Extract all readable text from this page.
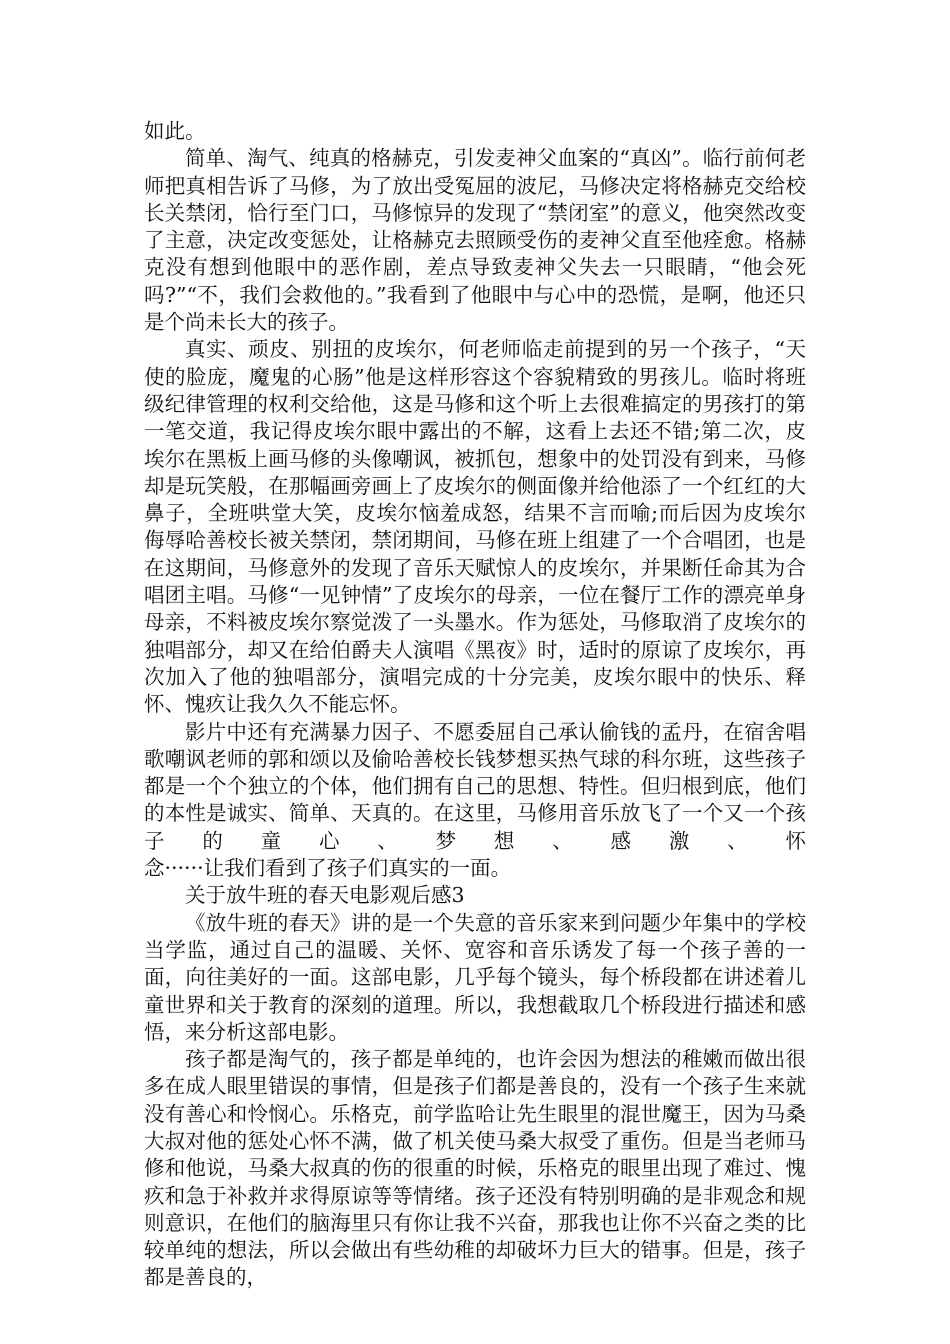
如此。

简单、淘气、纯真的格赫克，引发麦神父血案的“真凶”。临行前何老师把真相告诉了马修，为了放出受冤屈的波尼，马修决定将格赫克交给校长关禁闭，恰行至门口，马修惊异的发现了“禁闭室”的意义，他突然改变了主意，决定改变惩处，让格赫克去照顾受伤的麦神父直至他痊愈。格赫克没有想到他眼中的恶作剧，差点导致麦神父失去一只眼睛，“他会死吗?”“不，我们会救他的。”我看到了他眼中与心中的恐慌，是啊，他还只是个尚未长大的孩子。

真实、顽皮、别扭的皮埃尔，何老师临走前提到的另一个孩子，“天使的脸庞，魔鬼的心肠”他是这样形容这个容貌精致的男孩儿。临时将班级纪律管理的权利交给他，这是马修和这个听上去很难搞定的男孩打的第一笔交道，我记得皮埃尔眼中露出的不解，这看上去还不错;第二次，皮埃尔在黑板上画马修的头像嘲讽，被抓包，想象中的处罚没有到来，马修却是玩笑般，在那幅画旁画上了皮埃尔的侧面像并给他添了一个红红的大鼻子，全班哄堂大笑，皮埃尔恼羞成怒，结果不言而喻;而后因为皮埃尔侮辱哈善校长被关禁闭，禁闭期间，马修在班上组建了一个合唱团，也是在这期间，马修意外的发现了音乐天赋惊人的皮埃尔，并果断任命其为合唱团主唱。马修“一见钟情”了皮埃尔的母亲，一位在餐厅工作的漂亮单身母亲，不料被皮埃尔察觉泼了一头墨水。作为惩处，马修取消了皮埃尔的独唱部分，却又在给伯爵夫人演唱《黑夜》时，适时的原谅了皮埃尔，再次加入了他的独唱部分，演唱完成的十分完美，皮埃尔眼中的快乐、释怀、愧疚让我久久不能忘怀。

影片中还有充满暴力因子、不愿委屈自己承认偷钱的孟丹，在宿舍唱歌嘲讽老师的郭和颂以及偷哈善校长钱梦想买热气球的科尔班，这些孩子都是一个个独立的个体，他们拥有自己的思想、特性。但归根到底，他们的本性是诚实、简单、天真的。在这里，马修用音乐放飞了一个又一个孩子的童心、梦想、感激、怀

念······让我们看到了孩子们真实的一面。

关于放牛班的春天电影观后感3

《放牛班的春天》讲的是一个失意的音乐家来到问题少年集中的学校当学监，通过自己的温暖、关怀、宽容和音乐诱发了每一个孩子善的一面，向往美好的一面。这部电影，几乎每个镜头，每个桥段都在讲述着儿童世界和关于教育的深刻的道理。所以，我想截取几个桥段进行描述和感悟，来分析这部电影。

孩子都是淘气的，孩子都是单纯的，也许会因为想法的稚嫩而做出很多在成人眼里错误的事情，但是孩子们都是善良的，没有一个孩子生来就没有善心和怜悯心。乐格克，前学监哈让先生眼里的混世魔王，因为马桑大叔对他的惩处心怀不满，做了机关使马桑大叔受了重伤。但是当老师马修和他说，马桑大叔真的伤的很重的时候，乐格克的眼里出现了难过、愧疚和急于补救并求得原谅等等情绪。孩子还没有特别明确的是非观念和规则意识，在他们的脑海里只有你让我不兴奋，那我也让你不兴奋之类的比较单纯的想法，所以会做出有些幼稚的却破坏力巨大的错事。但是，孩子都是善良的，
